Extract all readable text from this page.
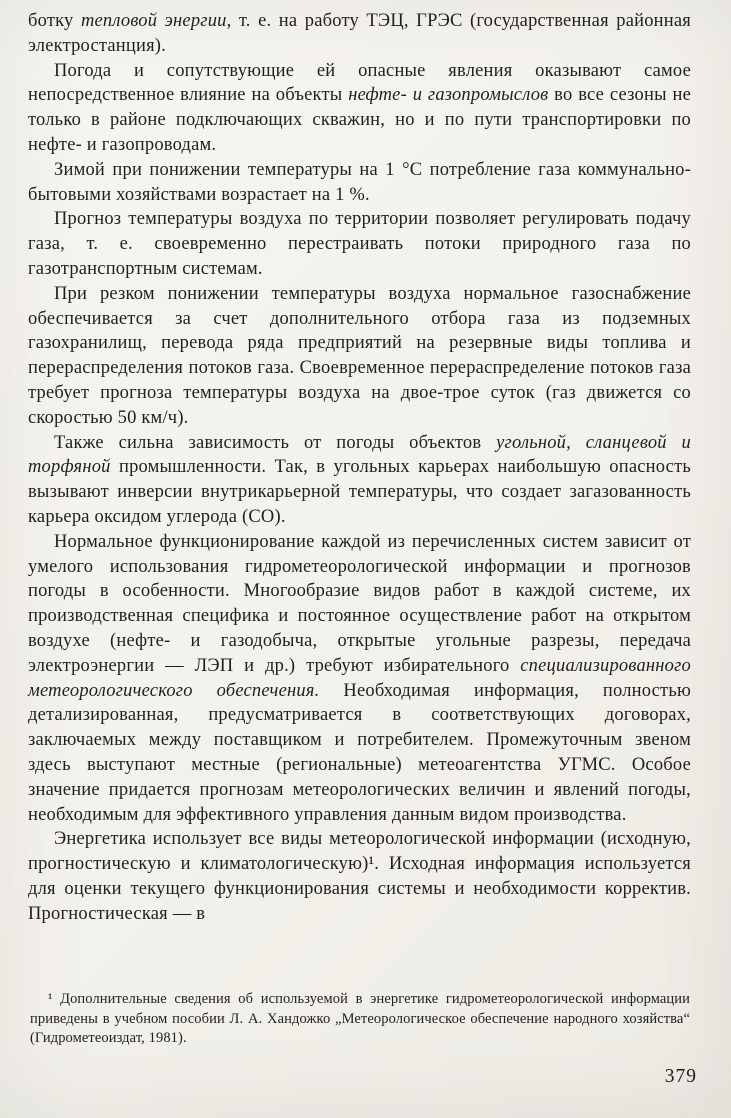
ботку тепловой энергии, т. е. на работу ТЭЦ, ГРЭС (государственная районная электростанция).

Погода и сопутствующие ей опасные явления оказывают самое непосредственное влияние на объекты нефте- и газопромыслов во все сезоны не только в районе подключающих скважин, но и по пути транспортировки по нефте- и газопроводам.

Зимой при понижении температуры на 1 °С потребление газа коммунально-бытовыми хозяйствами возрастает на 1 %.

Прогноз температуры воздуха по территории позволяет регулировать подачу газа, т. е. своевременно перестраивать потоки природного газа по газотранспортным системам.

При резком понижении температуры воздуха нормальное газоснабжение обеспечивается за счет дополнительного отбора газа из подземных газохранилищ, перевода ряда предприятий на резервные виды топлива и перераспределения потоков газа. Своевременное перераспределение потоков газа требует прогноза температуры воздуха на двое-трое суток (газ движется со скоростью 50 км/ч).

Также сильна зависимость от погоды объектов угольной, сланцевой и торфяной промышленности. Так, в угольных карьерах наибольшую опасность вызывают инверсии внутрикарьерной температуры, что создает загазованность карьера оксидом углерода (СО).

Нормальное функционирование каждой из перечисленных систем зависит от умелого использования гидрометеорологической информации и прогнозов погоды в особенности. Многообразие видов работ в каждой системе, их производственная специфика и постоянное осуществление работ на открытом воздухе (нефте- и газодобыча, открытые угольные разрезы, передача электроэнергии — ЛЭП и др.) требуют избирательного специализированного метеорологического обеспечения. Необходимая информация, полностью детализированная, предусматривается в соответствующих договорах, заключаемых между поставщиком и потребителем. Промежуточным звеном здесь выступают местные (региональные) метеоагентства УГМС. Особое значение придается прогнозам метеорологических величин и явлений погоды, необходимым для эффективного управления данным видом производства.

Энергетика использует все виды метеорологической информации (исходную, прогностическую и климатологическую)¹. Исходная информация используется для оценки текущего функционирования системы и необходимости корректив. Прогностическая — в

¹ Дополнительные сведения об используемой в энергетике гидрометеорологической информации приведены в учебном пособии Л. А. Хандожко „Метеорологическое обеспечение народного хозяйства“ (Гидрометеоиздат, 1981).

379
